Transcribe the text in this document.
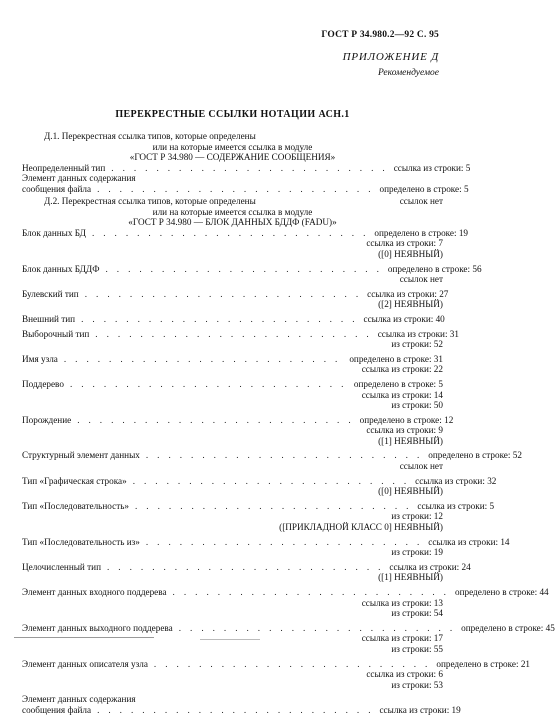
ГОСТ Р 34.980.2—92 С. 95
ПРИЛОЖЕНИЕ Д
Рекомендуемое
ПЕРЕКРЕСТНЫЕ ССЫЛКИ НОТАЦИИ АСН.1
Д.1. Перекрестная ссылка типов, которые определены
или на которые имеется ссылка в модуле
«ГОСТ Р 34.980 — СОДЕРЖАНИЕ СООБЩЕНИЯ»
Неопределенный тип ......................... ссылка из строки: 5
Элемент данных содержания
сообщения файла ......................... определено в строке: 5
Д.2. Перекрестная ссылка типов, которые определены	ссылок нет
или на которые имеется ссылка в модуле
«ГОСТ Р 34.980 — БЛОК ДАННЫХ БДДФ (FADU)»
Блок данных БД ......................... определено в строке: 19
ссылка из строки: 7
([0] НЕЯВНЫЙ)
Блок данных БДДФ ......................... определено в строке: 56
ссылок нет
Булевский тип ......................... ссылка из строки: 27
([2] НЕЯВНЫЙ)
Внешний тип ......................... ссылка из строки: 40
Выборочный тип ......................... ссылка из строки: 31
из строки: 52
Имя узла ......................... определено в строке: 31
ссылка из строки: 22
Поддерево ......................... определено в строке: 5
ссылка из строки: 14
из строки: 50
Порождение ......................... определено в строке: 12
ссылка из строки: 9
([1] НЕЯВНЫЙ)
Структурный элемент данных ......................... определено в строке: 52
ссылок нет
Тип «Графическая строка» ......................... ссылка из строки: 32
([0] НЕЯВНЫЙ)
Тип «Последовательность» ......................... ссылка из строки: 5
из строки: 12
([ПРИКЛАДНОЙ КЛАСС 0] НЕЯВНЫЙ)
Тип «Последовательность из» ......................... ссылка из строки: 14
из строки: 19
Целочисленный тип ......................... ссылка из строки: 24
([1] НЕЯВНЫЙ)
Элемент данных входного поддерева ......................... определено в строке: 44
ссылка из строки: 13
из строки: 54
Элемент данных выходного поддерева ......................... определено в строке: 45
ссылка из строки: 17
из строки: 55
Элемент данных описателя узла ......................... определено в строке: 21
ссылка из строки: 6
из строки: 53
Элемент данных содержания
сообщения файла ......................... ссылка из строки: 19
